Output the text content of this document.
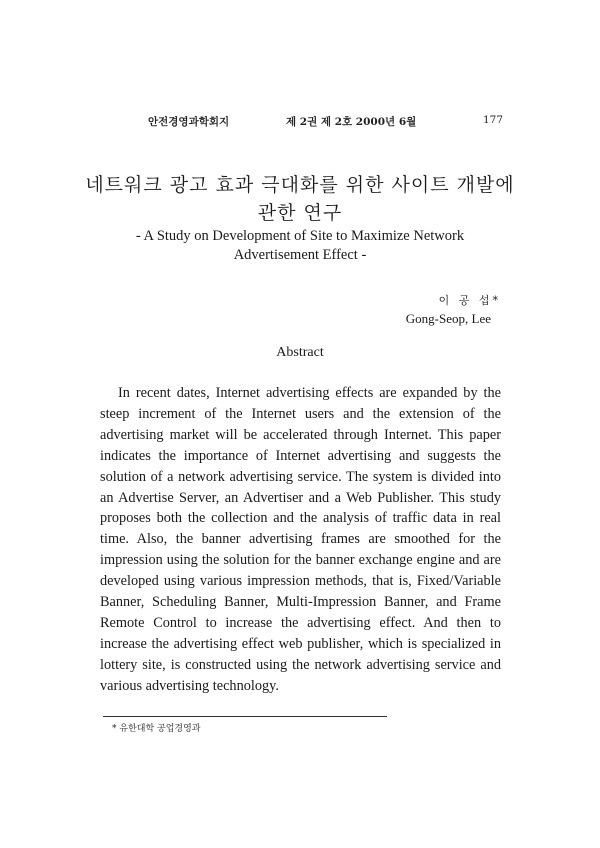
안전경영과학회지	제 2권 제 2호 2000년 6월	177
네트워크 광고 효과 극대화를 위한 사이트 개발에
관한 연구
- A Study on Development of Site to Maximize Network
Advertisement Effect -
이 공 섭*
Gong-Seop, Lee
Abstract

In recent dates, Internet advertising effects are expanded by the steep increment of the Internet users and the extension of the advertising market will be accelerated through Internet. This paper indicates the importance of Internet advertising and suggests the solution of a network advertising service. The system is divided into an Advertise Server, an Advertiser and a Web Publisher. This study proposes both the collection and the analysis of traffic data in real time. Also, the banner advertising frames are smoothed for the impression using the solution for the banner exchange engine and are developed using various impression methods, that is, Fixed/Variable Banner, Scheduling Banner, Multi-Impression Banner, and Frame Remote Control to increase the advertising effect. And then to increase the advertising effect web publisher, which is specialized in lottery site, is constructed using the network advertising service and various advertising technology.

* 유한대학 공업경영과
